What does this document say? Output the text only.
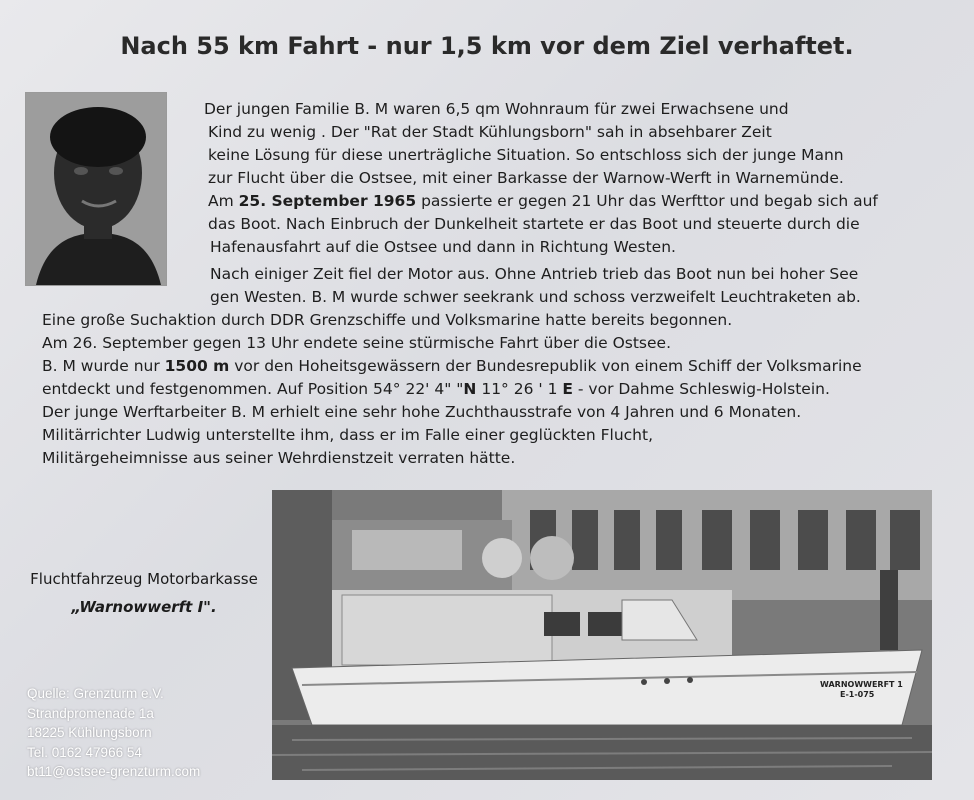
Nach 55 km Fahrt - nur 1,5 km vor dem Ziel verhaftet.
Der jungen Familie B. M waren 6,5 qm Wohnraum für zwei Erwachsene und
Kind zu wenig . Der "Rat der Stadt Kühlungsborn" sah in absehbarer Zeit
keine Lösung für diese unerträgliche Situation. So entschloss sich der junge Mann
zur Flucht über die Ostsee, mit einer Barkasse der Warnow-Werft in Warnemünde.
Am 25. September 1965 passierte er gegen 21 Uhr das Werfttor und begab sich auf
das Boot. Nach Einbruch der Dunkelheit startete er das Boot und steuerte durch die
Hafenausfahrt auf die Ostsee und dann in Richtung Westen.
Nach einiger Zeit fiel der Motor aus. Ohne Antrieb trieb das Boot nun bei hoher See
gen Westen. B. M wurde schwer seekrank und schoss verzweifelt Leuchtraketen ab.
Eine große Suchaktion durch DDR Grenzschiffe und Volksmarine hatte bereits begonnen.
Am 26. September gegen 13 Uhr endete seine stürmische Fahrt über die Ostsee.
B. M wurde nur 1500 m vor den Hoheitsgewässern der Bundesrepublik von einem Schiff der Volksmarine
entdeckt und festgenommen. Auf Position 54° 22' 4" "N 11° 26 ' 1 E - vor Dahme Schleswig-Holstein.
Der junge Werftarbeiter B. M erhielt eine sehr hohe Zuchthausstrafe von 4 Jahren und 6 Monaten.
Militärrichter Ludwig unterstellte ihm, dass er im Falle einer geglückten Flucht,
Militärgeheimnisse aus seiner Wehrdienstzeit verraten hätte.
Fluchtfahrzeug Motorbarkasse
„Warnowwerft I".
Quelle: Grenzturm e.V.
Strandpromenade 1a
18225 Kühlungsborn
Tel. 0162 47966 54
bt11@ostsee-grenzturm.com
WARNOWWERFT 1
E-1-075
